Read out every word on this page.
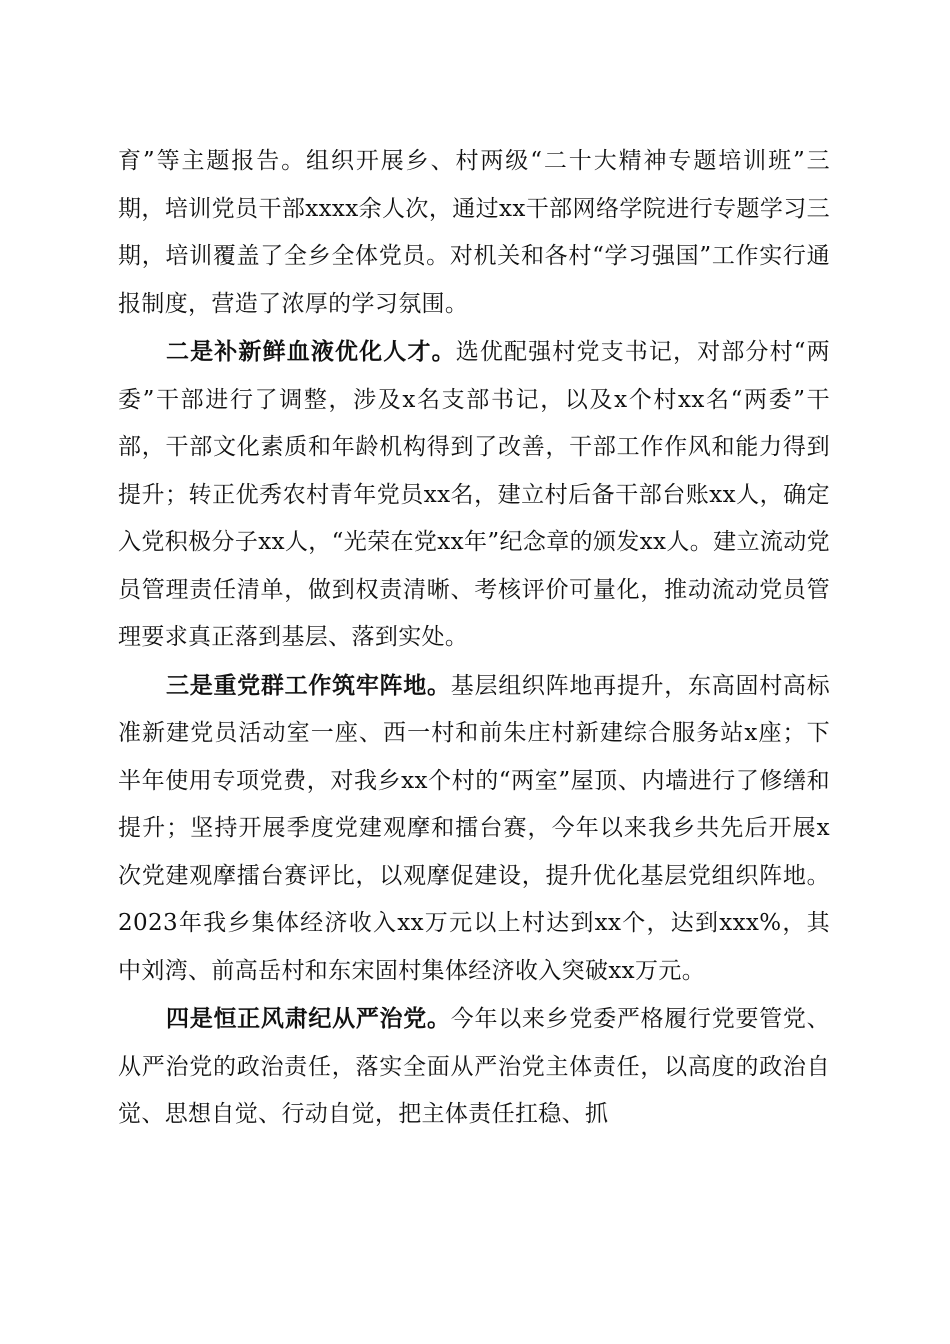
育”等主题报告。组织开展乡、村两级“二十大精神专题培训班”三期，培训党员干部xxxx余人次，通过xx干部网络学院进行专题学习三期，培训覆盖了全乡全体党员。对机关和各村“学习强国”工作实行通报制度，营造了浓厚的学习氛围。

二是补新鲜血液优化人才。选优配强村党支书记，对部分村“两委”干部进行了调整，涉及x名支部书记，以及x个村xx名“两委”干部，干部文化素质和年龄机构得到了改善，干部工作作风和能力得到提升；转正优秀农村青年党员xx名，建立村后备干部台账xx人，确定入党积极分子xx人，“光荣在党xx年”纪念章的颁发xx人。建立流动党员管理责任清单，做到权责清晰、考核评价可量化，推动流动党员管理要求真正落到基层、落到实处。

三是重党群工作筑牢阵地。基层组织阵地再提升，东高固村高标准新建党员活动室一座、西一村和前朱庄村新建综合服务站x座；下半年使用专项党费，对我乡xx个村的“两室”屋顶、内墙进行了修缮和提升；坚持开展季度党建观摩和擂台赛，今年以来我乡共先后开展x次党建观摩擂台赛评比，以观摩促建设，提升优化基层党组织阵地。2023年我乡集体经济收入xx万元以上村达到xx个，达到xxx%，其中刘湾、前高岳村和东宋固村集体经济收入突破xx万元。

四是恒正风肃纪从严治党。今年以来乡党委严格履行党要管党、从严治党的政治责任，落实全面从严治党主体责任，以高度的政治自觉、思想自觉、行动自觉，把主体责任扛稳、抓
